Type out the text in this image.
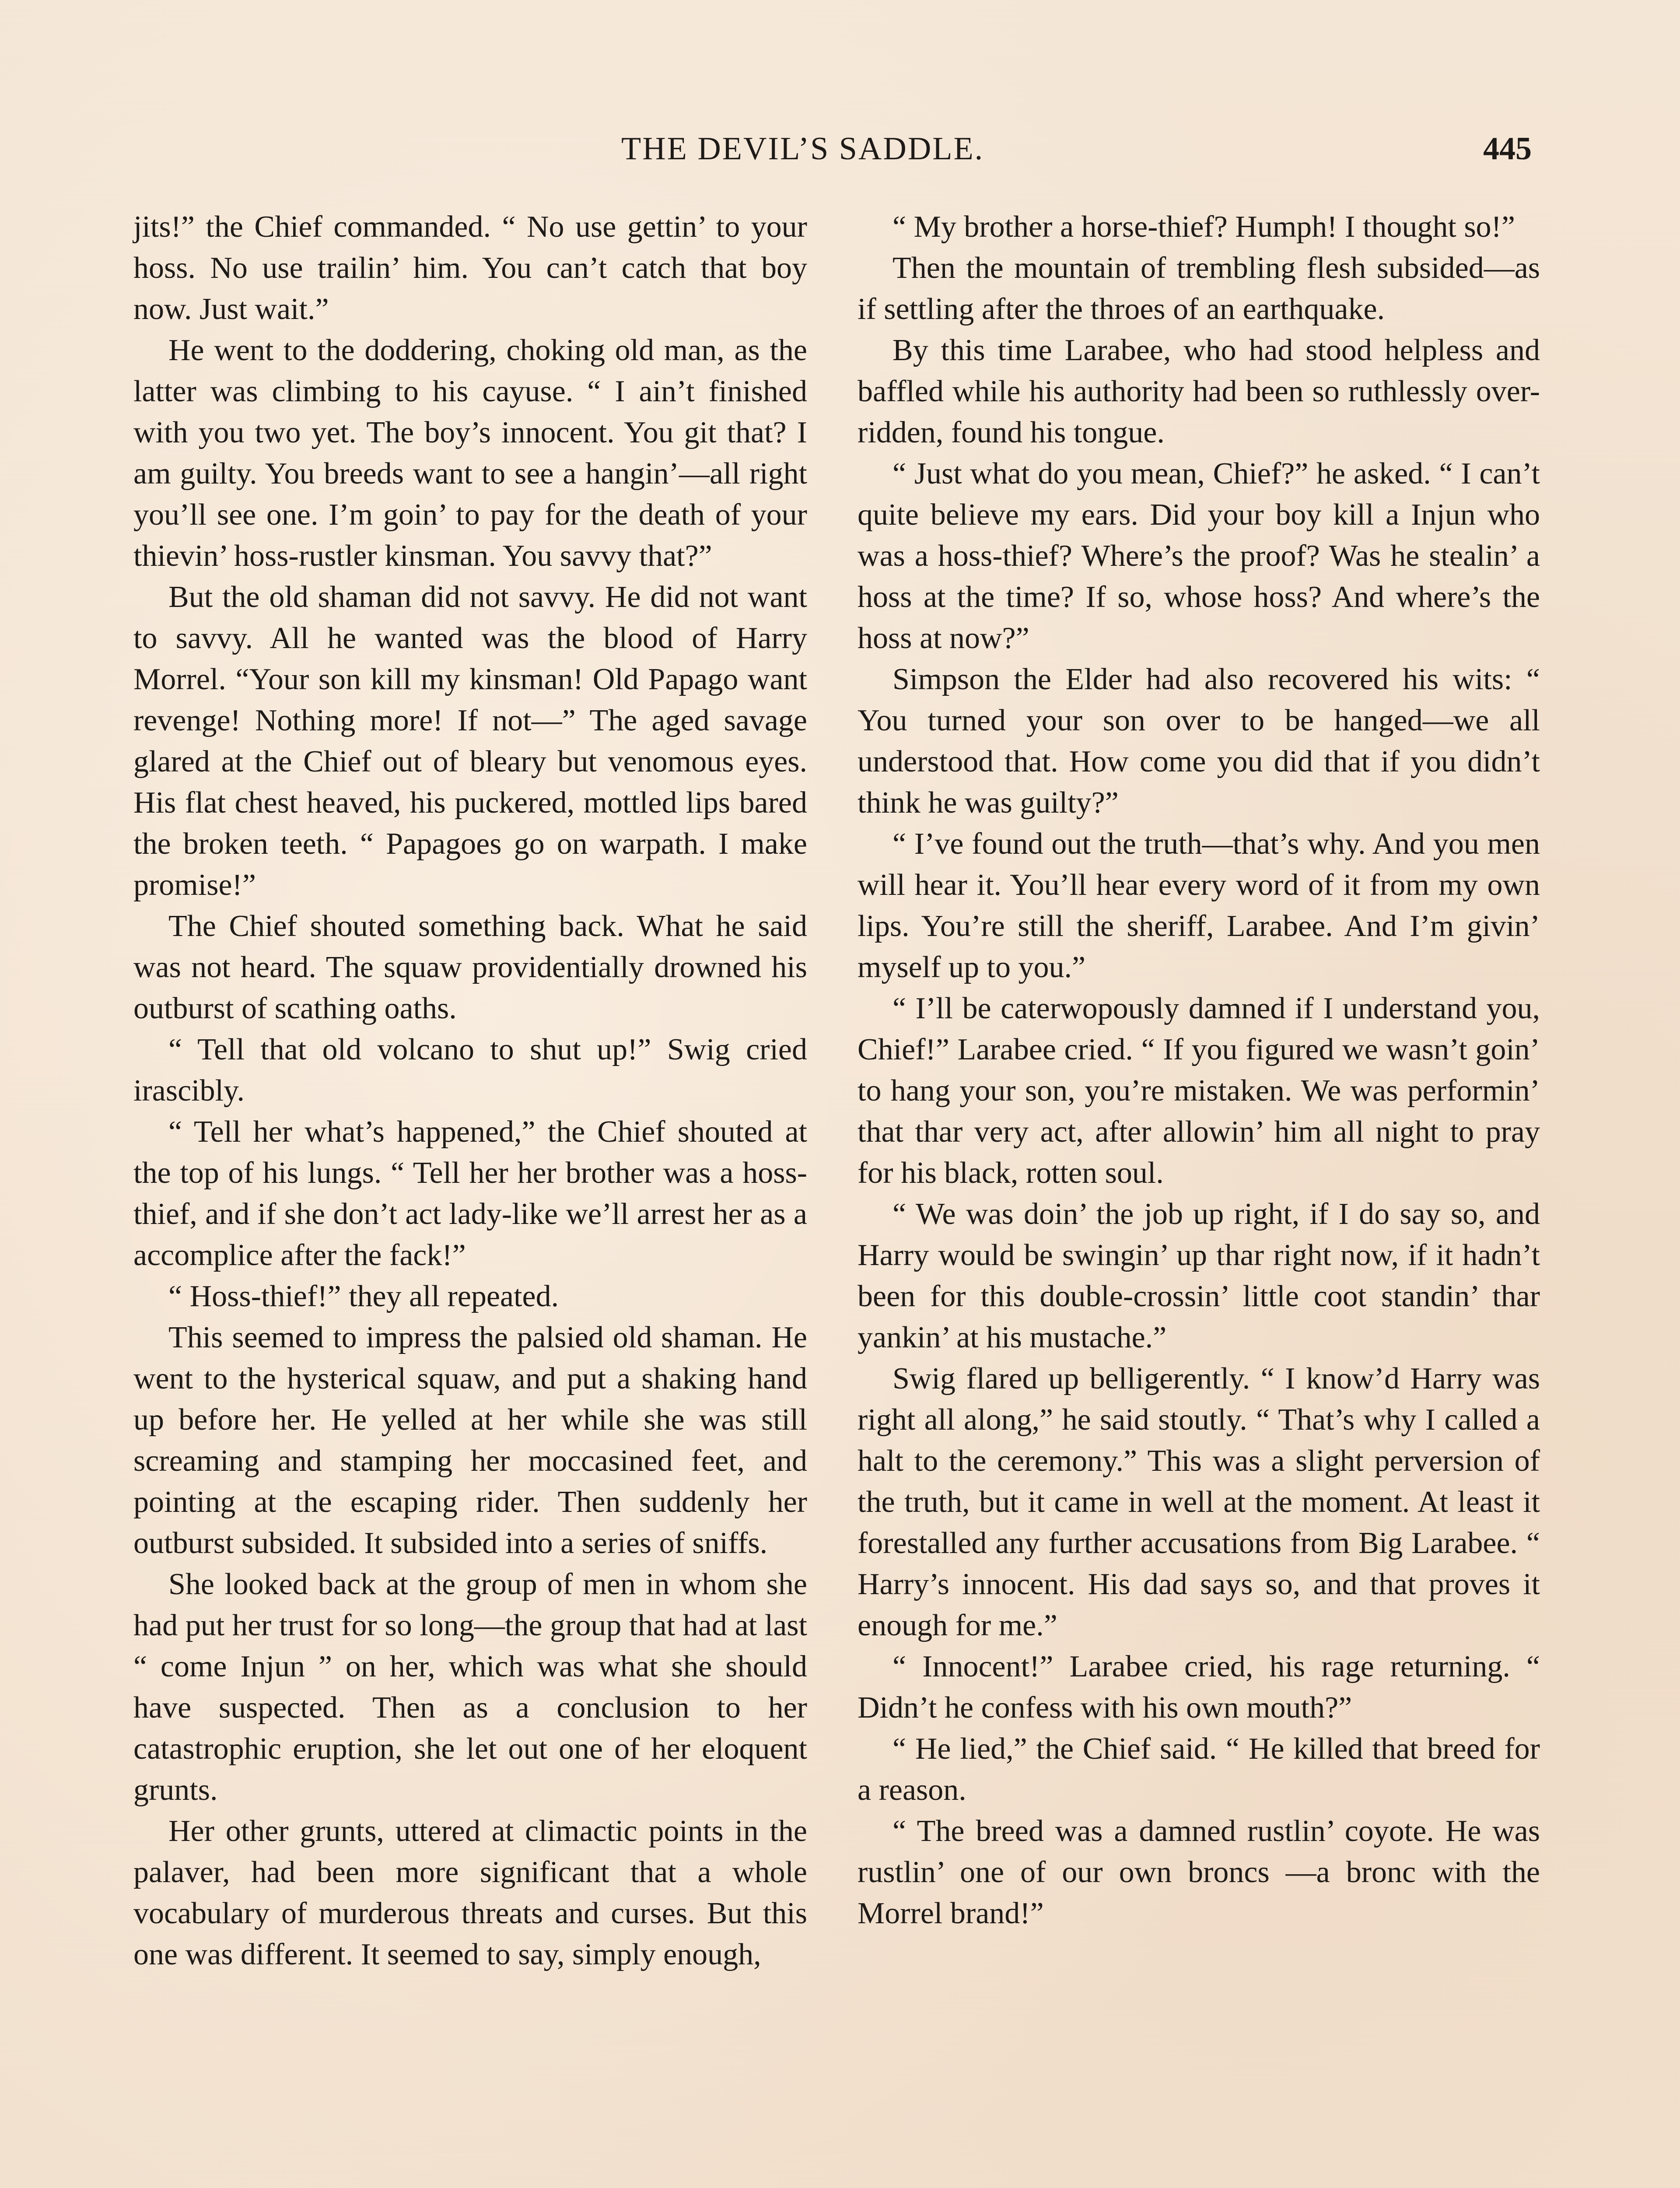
THE DEVIL’S SADDLE.	445

jits!” the Chief commanded. “ No use gettin’ to your hoss. No use trailin’ him. You can’t catch that boy now. Just wait.”

He went to the doddering, choking old man, as the latter was climbing to his cayuse. “ I ain’t finished with you two yet. The boy’s innocent. You git that? I am guilty. You breeds want to see a hangin’—all right you’ll see one. I’m goin’ to pay for the death of your thievin’ hoss-rustler kinsman. You savvy that?”

But the old shaman did not savvy. He did not want to savvy. All he wanted was the blood of Harry Morrel. “Your son kill my kinsman! Old Papago want revenge! Nothing more! If not—” The aged savage glared at the Chief out of bleary but venomous eyes. His flat chest heaved, his puckered, mottled lips bared the broken teeth. “ Papagoes go on warpath. I make promise!”

The Chief shouted something back. What he said was not heard. The squaw providentially drowned his outburst of scathing oaths.

“ Tell that old volcano to shut up!” Swig cried irascibly.

“ Tell her what’s happened,” the Chief shouted at the top of his lungs. “ Tell her her brother was a hoss-thief, and if she don’t act lady-like we’ll arrest her as a accomplice after the fack!”

“ Hoss-thief!” they all repeated.

This seemed to impress the palsied old shaman. He went to the hysterical squaw, and put a shaking hand up before her. He yelled at her while she was still screaming and stamping her moccasined feet, and pointing at the escaping rider. Then suddenly her outburst subsided. It subsided into a series of sniffs.

She looked back at the group of men in whom she had put her trust for so long—the group that had at last “ come Injun ” on her, which was what she should have suspected. Then as a conclusion to her catastrophic eruption, she let out one of her eloquent grunts.

Her other grunts, uttered at climactic points in the palaver, had been more significant that a whole vocabulary of murderous threats and curses. But this one was different. It seemed to say, simply enough,

“ My brother a horse-thief? Humph! I thought so!”

Then the mountain of trembling flesh subsided—as if settling after the throes of an earthquake.

By this time Larabee, who had stood helpless and baffled while his authority had been so ruthlessly over-ridden, found his tongue.

“ Just what do you mean, Chief?” he asked. “ I can’t quite believe my ears. Did your boy kill a Injun who was a hoss-thief? Where’s the proof? Was he stealin’ a hoss at the time? If so, whose hoss? And where’s the hoss at now?”

Simpson the Elder had also recovered his wits: “ You turned your son over to be hanged—we all understood that. How come you did that if you didn’t think he was guilty?”

“ I’ve found out the truth—that’s why. And you men will hear it. You’ll hear every word of it from my own lips. You’re still the sheriff, Larabee. And I’m givin’ myself up to you.”

“ I’ll be caterwopously damned if I understand you, Chief!” Larabee cried. “ If you figured we wasn’t goin’ to hang your son, you’re mistaken. We was performin’ that thar very act, after allowin’ him all night to pray for his black, rotten soul.

“ We was doin’ the job up right, if I do say so, and Harry would be swingin’ up thar right now, if it hadn’t been for this double-crossin’ little coot standin’ thar yankin’ at his mustache.”

Swig flared up belligerently. “ I know’d Harry was right all along,” he said stoutly. “ That’s why I called a halt to the ceremony.” This was a slight perversion of the truth, but it came in well at the moment. At least it forestalled any further accusations from Big Larabee. “ Harry’s innocent. His dad says so, and that proves it enough for me.”

“ Innocent!” Larabee cried, his rage returning. “ Didn’t he confess with his own mouth?”

“ He lied,” the Chief said. “ He killed that breed for a reason.

“ The breed was a damned rustlin’ coyote. He was rustlin’ one of our own broncs —a bronc with the Morrel brand!”
